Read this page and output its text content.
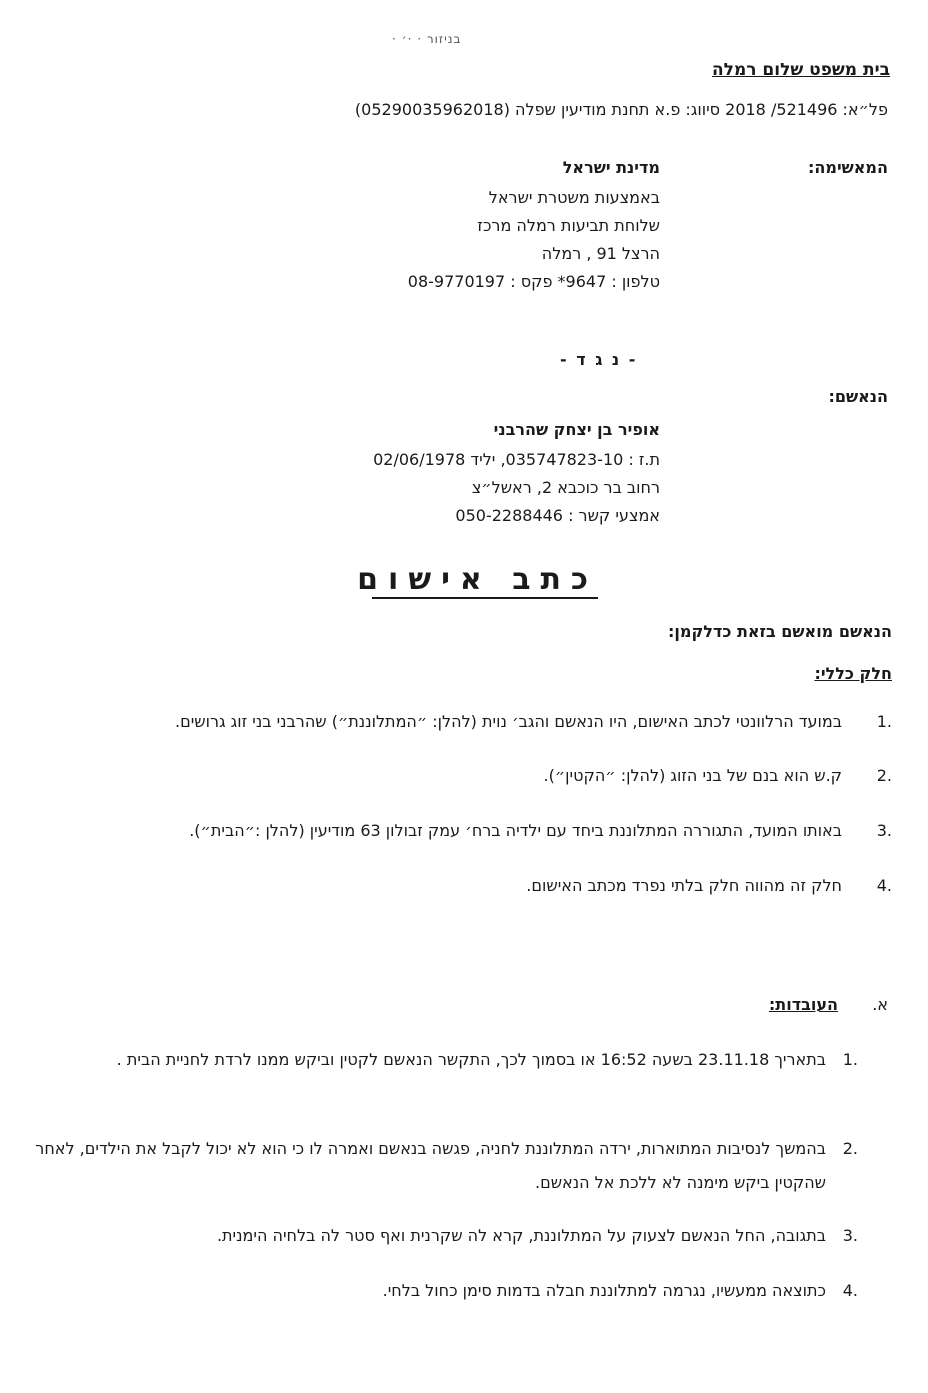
בניזור · ·׳ ·
בית משפט שלום רמלה
פל״א: 521496/ 2018 סיווג: פ.א תחנת מודיעין שפלה (05290035962018)
המאשימה:
מדינת ישראל
באמצעות משטרת ישראל
שלוחת תביעות רמלה מרכז
הרצל 91 , רמלה
טלפון : 9647* פקס : 08-9770197
- נ ג ד -
הנאשם:
אופיר בן יצחק שהרבני
ת.ז : 035747823-10, יליד 02/06/1978
רחוב בר כוכבא 2, ראשל״צ
אמצעי קשר : 050-2288446
כתב אישום
הנאשם מואשם בזאת כדלקמן:
חלק כללי:
1.
במועד הרלוונטי לכתב האישום, היו הנאשם והגב׳ נוית (להלן: ״המתלוננת״) שהרבני בני זוג גרושים.
2.
ק.ש הוא בנם של בני הזוג (להלן: ״הקטין״).
3.
באותו המועד, התגוררה המתלוננת ביחד עם ילדיה ברח׳ עמק זבולון 63 מודיעין (להלן :״הבית״).
4.
חלק זה מהווה חלק בלתי נפרד מכתב האישום.
א.
העובדות:
1.
בתאריך 23.11.18 בשעה 16:52 או בסמוך לכך, התקשר הנאשם לקטין וביקש ממנו לרדת לחניית הבית .
2.
בהמשך לנסיבות המתוארות, ירדה המתלוננת לחניה, פגשה בנאשם ואמרה לו כי הוא לא יכול לקבל את הילדים, לאחר שהקטין ביקש מימנה לא ללכת אל הנאשם.
3.
בתגובה, החל הנאשם לצעוק על המתלוננת, קרא לה שקרנית ואף סטר לה בלחיה הימנית.
4.
כתוצאה ממעשיו, נגרמה למתלוננת חבלה בדמות סימן כחול בלחי.
